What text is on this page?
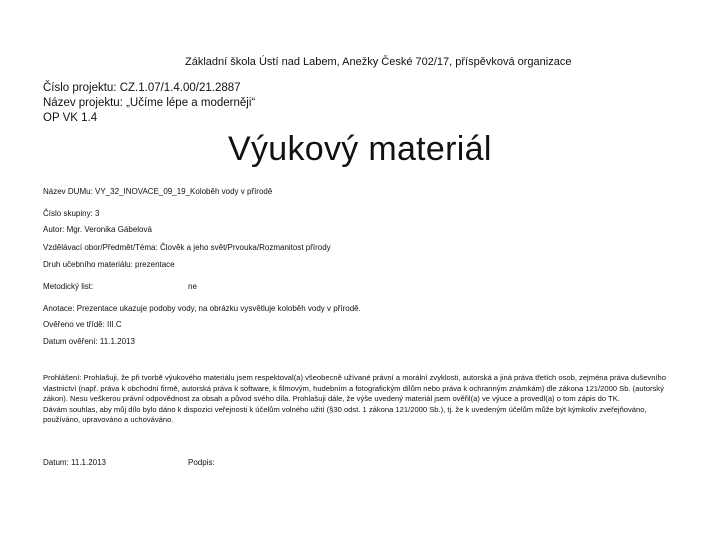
Základní škola Ústí nad Labem, Anežky České 702/17, příspěvková organizace
Číslo projektu: CZ.1.07/1.4.00/21.2887
Název projektu: „Učíme lépe a moderněji“
OP VK 1.4
Výukový materiál
Název DUMu: VY_32_INOVACE_09_19_Koloběh vody v přírodě
Číslo skupiny: 3
Autor: Mgr. Veronika Gábelová
Vzdělávací obor/Předmět/Téma: Člověk a jeho svět/Prvouka/Rozmanitost přírody
Druh učebního materiálu: prezentace
Metodický list:	ne
Anotace: Prezentace ukazuje podoby vody, na obrázku vysvětluje koloběh vody v přírodě.
Ověřeno ve třídě: III.C
Datum ověření: 11.1.2013

Prohlášení: Prohlašuji, že při tvorbě výukového materiálu jsem respektoval(a) všeobecně užívané právní a morální zvyklosti, autorská a jiná práva třetích osob, zejména práva duševního vlastnictví (např. práva k obchodní firmě, autorská práva k software, k filmovým, hudebním a fotografickým dílům nebo práva k ochranným známkám) dle zákona 121/2000 Sb. (autorský zákon). Nesu veškerou právní odpovědnost za obsah a původ svého díla. Prohlašuji dále, že výše uvedený materiál jsem ověřil(a) ve výuce a provedl(a) o tom zápis do TK.

Dávám souhlas, aby můj dílo bylo dáno k dispozici veřejnosti k účelům volného užití (§30 odst. 1 zákona 121/2000 Sb.), tj. že k uvedeným účelům může být kýmkoliv zveřejňováno, používáno, upravováno a uchováváno.

Datum: 11.1.2013	Podpis:
